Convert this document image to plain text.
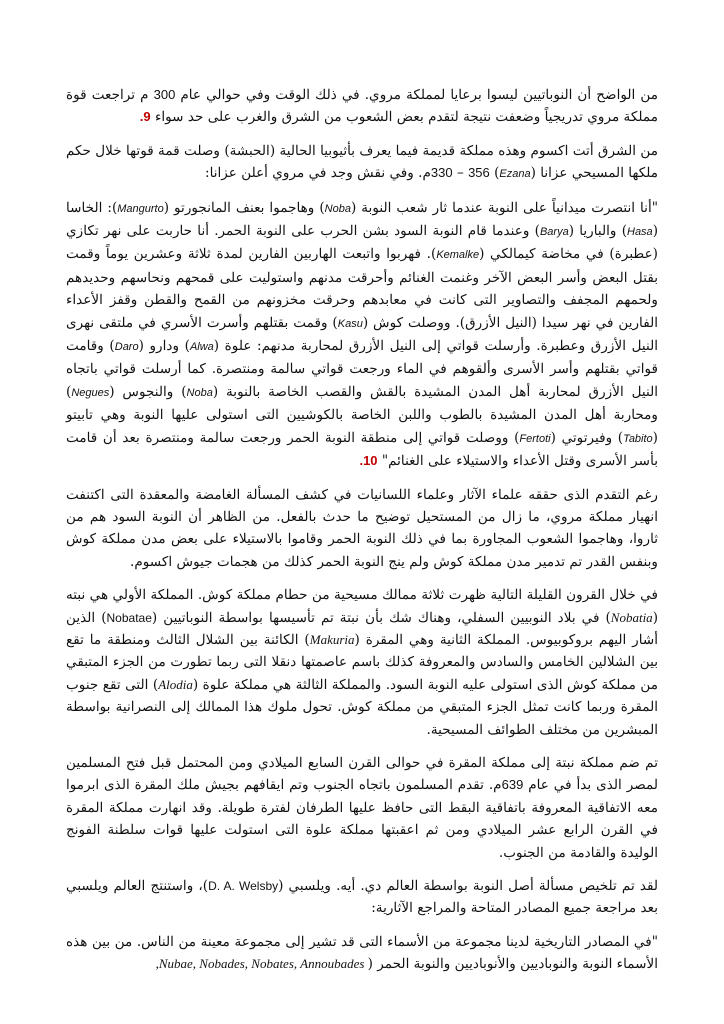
من الواضح أن النوباتيين ليسوا برعايا لمملكة مروي. في ذلك الوقت وفي حوالي عام 300 م تراجعت قوة مملكة مروي تدريجياً وضعفت نتيجة لتقدم بعض الشعوب من الشرق والغرب على حد سواء 9.

من الشرق أتت اكسوم وهذه مملكة قديمة فيما يعرف بأثيوبيا الحالية (الحبشة) وصلت قمة قوتها خلال حكم ملكها المسيحي عزانا (Ezana) 330 – 356م. وفي نقش وجد في مروي أعلن عزانا:

"أنا انتصرت ميدانياً على النوبة عندما ثار شعب النوبة (Noba) وهاجموا بعنف المانجورتو (Mangurto): الخاسا (Hasa) والباريا (Barya) وعندما قام النوبة السود بشن الحرب على النوبة الحمر. أنا حاربت على نهر تكازي (عطبرة) في مخاضة كيمالكي (Kemalke). فهربوا واتبعت الهاربين الفارين لمدة ثلاثة وعشرين يوماً وقمت بقتل البعض وأسر البعض الآخر وغنمت الغنائم وأحرقت مدنهم واستوليت على قمحهم ونحاسهم وحديدهم ولحمهم المجفف والتصاوير التى كانت في معابدهم وحرقت مخزونهم من القمح والقطن وقفز الأعداء الفارين في نهر سيدا (النيل الأزرق). ووصلت كوش (Kasu) وقمت بقتلهم وأسرت الأسري في ملتقى نهرى النيل الأزرق وعطبرة. وأرسلت قواتي إلى النيل الأزرق لمحاربة مدنهم: علوة (Alwa) ودارو (Daro) وقامت قواتي بقتلهم وأسر الأسرى وألقوهم في الماء ورجعت قواتي سالمة ومنتصرة. كما أرسلت قواتي باتجاه النيل الأزرق لمحاربة أهل المدن المشيدة بالقش والقصب الخاصة بالنوبة (Noba) والنجوس (Negues) ومحاربة أهل المدن المشيدة بالطوب واللبن الخاصة بالكوشيين التى استولى عليها النوبة وهي تابيتو (Tabito) وفيرتوتي (Fertoti) ووصلت قواتي إلى منطقة النوبة الحمر ورجعت سالمة ومنتصرة بعد أن قامت بأسر الأسرى وقتل الأعداء والاستيلاء على الغنائم" 10.

رغم التقدم الذى حققه علماء الآثار وعلماء اللسانيات في كشف المسألة الغامضة والمعقدة التى اكتنفت انهيار مملكة مروي، ما زال من المستحيل توضيح ما حدث بالفعل. من الظاهر أن النوبة السود هم من ثاروا، وهاجموا الشعوب المجاورة بما في ذلك النوبة الحمر وقاموا بالاستيلاء على بعض مدن مملكة كوش وبنفس القدر تم تدمير مدن مملكة كوش ولم ينج النوبة الحمر كذلك من هجمات جيوش اكسوم.

في خلال القرون القليلة التالية ظهرت ثلاثة ممالك مسيحية من حطام مملكة كوش. المملكة الأولي هي نبته (Nobatia) في بلاد النوبيين السفلي، وهناك شك بأن نبتة تم تأسيسها بواسطة النوباتيين (Nobatae) الذين أشار اليهم بروكوبيوس. المملكة الثانية وهي المقرة (Makuria) الكائنة بين الشلال الثالث ومنطقة ما تقع بين الشلالين الخامس والسادس والمعروفة كذلك باسم عاصمتها دنقلا التى ربما تطورت من الجزء المتبقي من مملكة كوش الذى استولى عليه النوبة السود. والمملكة الثالثة هي مملكة علوة (Alodia) التى تقع جنوب المقرة وربما كانت تمثل الجزء المتبقي من مملكة كوش. تحول ملوك هذا الممالك إلى النصرانية بواسطة المبشرين من مختلف الطوائف المسيحية.

تم ضم مملكة نبتة إلى مملكة المقرة في حوالى القرن السابع الميلادي ومن المحتمل قبل فتح المسلمين لمصر الذى بدأ في عام 639م. تقدم المسلمون باتجاه الجنوب وتم ايقافهم بجيش ملك المقرة الذى ابرموا معه الاتفاقية المعروفة باتفاقية البقط التى حافظ عليها الطرفان لفترة طويلة. وقد انهارت مملكة المقرة في القرن الرابع عشر الميلادي ومن ثم اعقبتها مملكة علوة التى استولت عليها قوات سلطنة الفونج الوليدة والقادمة من الجنوب.

لقد تم تلخيص مسألة أصل النوبة بواسطة العالم دي. أيه. ويلسبي (D. A. Welsby)، واستنتج العالم ويلسبي بعد مراجعة جميع المصادر المتاحة والمراجع الآثارية:

"في المصادر التاريخية لدينا مجموعة من الأسماء التى قد تشير إلى مجموعة معينة من الناس. من بين هذه الأسماء النوبة والنوباديين والأنوباديين والنوبة الحمر ( Nubae, Nobades, Nobates, Annoubades,
